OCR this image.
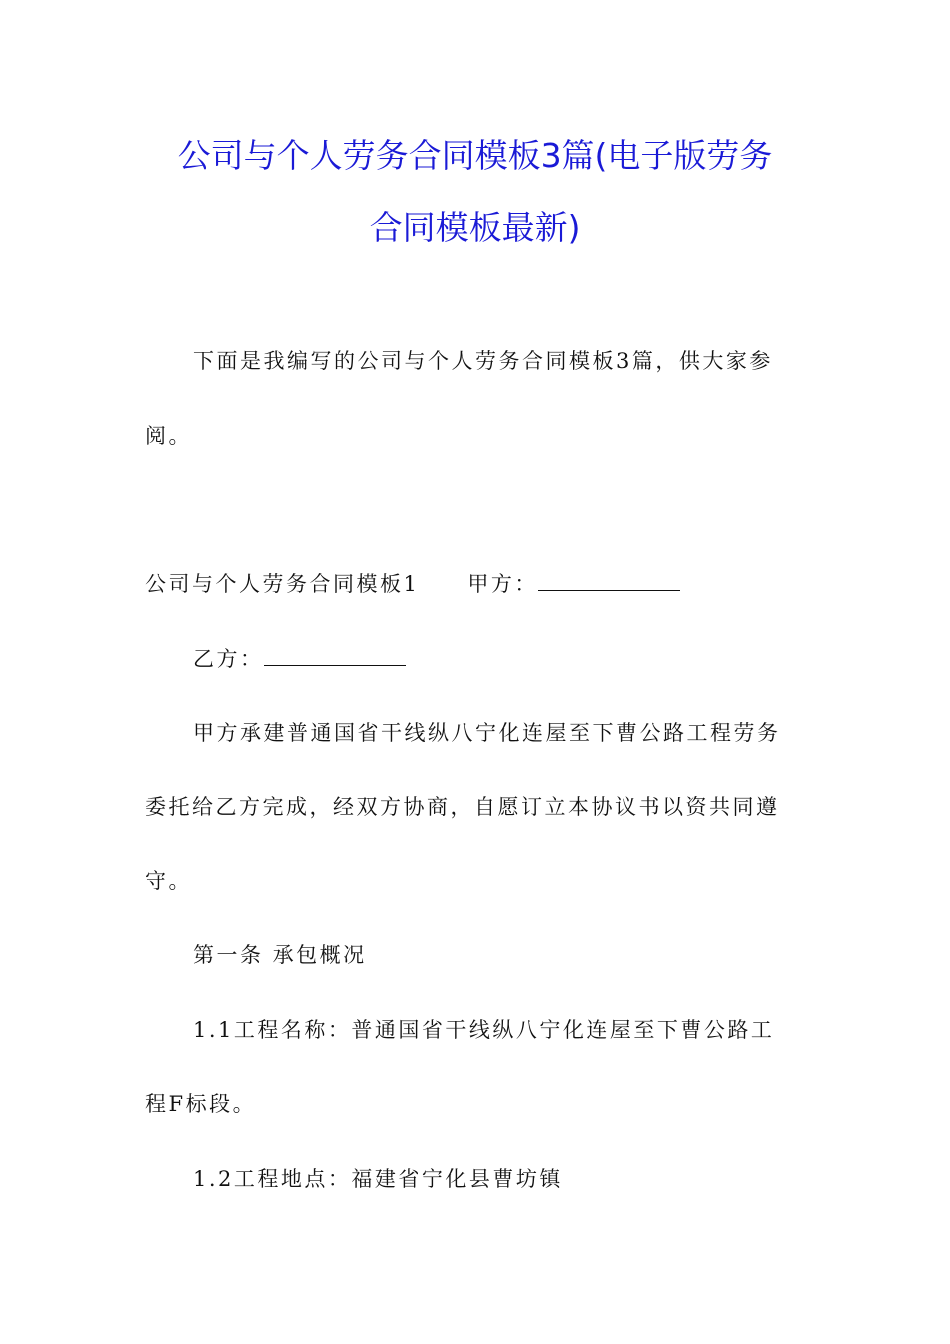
公司与个人劳务合同模板3篇(电子版劳务
合同模板最新)
下面是我编写的公司与个人劳务合同模板3篇，供大家参
阅。
公司与个人劳务合同模板1 甲方：
乙方：
甲方承建普通国省干线纵八宁化连屋至下曹公路工程劳务
委托给乙方完成，经双方协商，自愿订立本协议书以资共同遵
守。
第一条 承包概况
1.1工程名称：普通国省干线纵八宁化连屋至下曹公路工
程F标段。
1.2工程地点：福建省宁化县曹坊镇
